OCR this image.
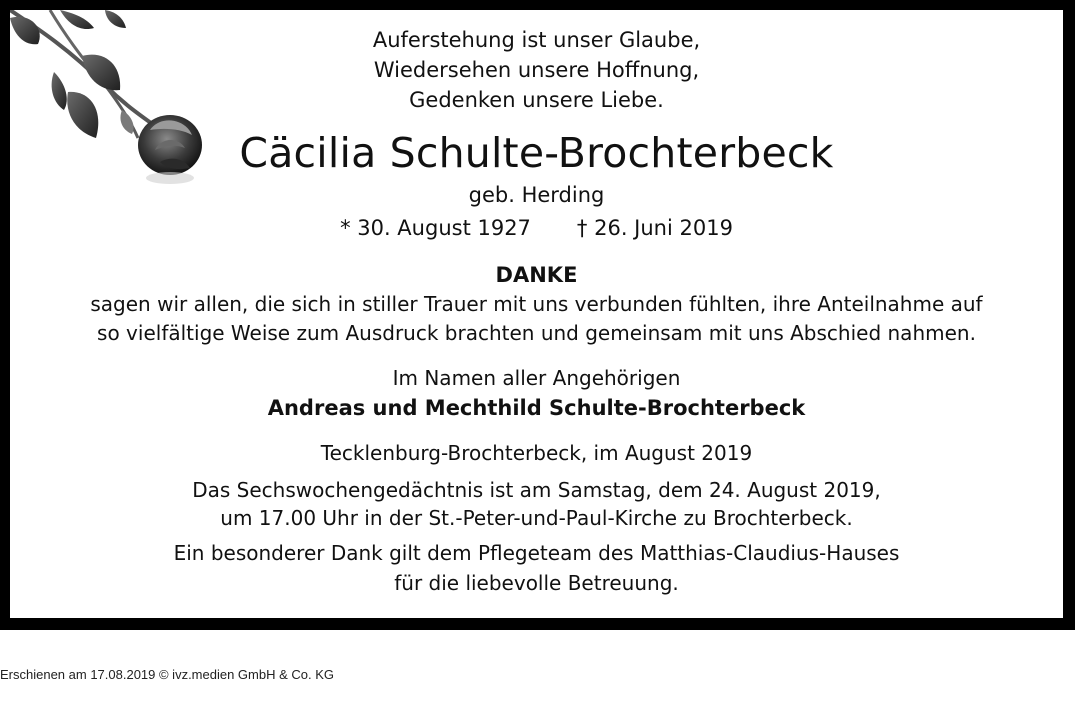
Auferstehung ist unser Glaube,
Wiedersehen unsere Hoffnung,
Gedenken unsere Liebe.
Cäcilia Schulte-Brochterbeck
geb. Herding
* 30. August 1927 † 26. Juni 2019
DANKE
sagen wir allen, die sich in stiller Trauer mit uns verbunden fühlten, ihre Anteilnahme auf
so vielfältige Weise zum Ausdruck brachten und gemeinsam mit uns Abschied nahmen.
Im Namen aller Angehörigen
Andreas und Mechthild Schulte-Brochterbeck
Tecklenburg-Brochterbeck, im August 2019
Das Sechswochengedächtnis ist am Samstag, dem 24. August 2019,
um 17.00 Uhr in der St.-Peter-und-Paul-Kirche zu Brochterbeck.
Ein besonderer Dank gilt dem Pflegeteam des Matthias-Claudius-Hauses
für die liebevolle Betreuung.
Erschienen am 17.08.2019 © ivz.medien GmbH & Co. KG
